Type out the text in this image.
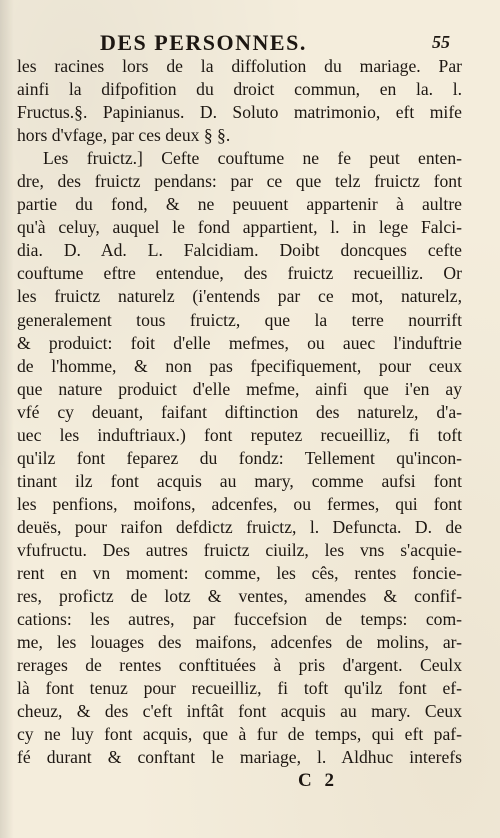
DES PERSONNES.	55
les racines lors de la diffolution du mariage. Par
ainfi la difpofition du droict commun, en la. l.
Fructus.§. Papinianus. D. Soluto matrimonio, eft mife
hors d'vfage, par ces deux § §.
Les fruictz.] Cefte couftume ne fe peut enten-
dre, des fruictz pendans: par ce que telz fruictz font
partie du fond, & ne peuuent appartenir à aultre
qu'à celuy, auquel le fond appartient, l. in lege Falci-
dia. D. Ad. L. Falcidiam. Doibt doncques cefte
couftume eftre entendue, des fruictz recueilliz. Or
les fruictz naturelz (i'entends par ce mot, naturelz,
generalement tous fruictz, que la terre nourrift
& produict: foit d'elle mefmes, ou auec l'induftrie
de l'homme, & non pas fpecifiquement, pour ceux
que nature produict d'elle mefme, ainfi que i'en ay
vfé cy deuant, faifant diftinction des naturelz, d'a-
uec les induftriaux.) font reputez recueilliz, fi toft
qu'ilz font feparez du fondz: Tellement qu'incon-
tinant ilz font acquis au mary, comme aufsi font
les penfions, moifons, adcenfes, ou fermes, qui font
deuës, pour raifon defdictz fruictz, l. Defuncta. D. de
vfufructu. Des autres fruictz ciuilz, les vns s'acquie-
rent en vn moment: comme, les cês, rentes foncie-
res, profictz de lotz & ventes, amendes & confif-
cations: les autres, par fuccefsion de temps: com-
me, les louages des maifons, adcenfes de molins, ar-
rerages de rentes conftituées à pris d'argent. Ceulx
là font tenuz pour recueilliz, fi toft qu'ilz font ef-
cheuz, & des c'eft inftât font acquis au mary. Ceux
cy ne luy font acquis, que à fur de temps, qui eft paf-
fé durant & conftant le mariage, l. Aldhuc interefs
C 2
